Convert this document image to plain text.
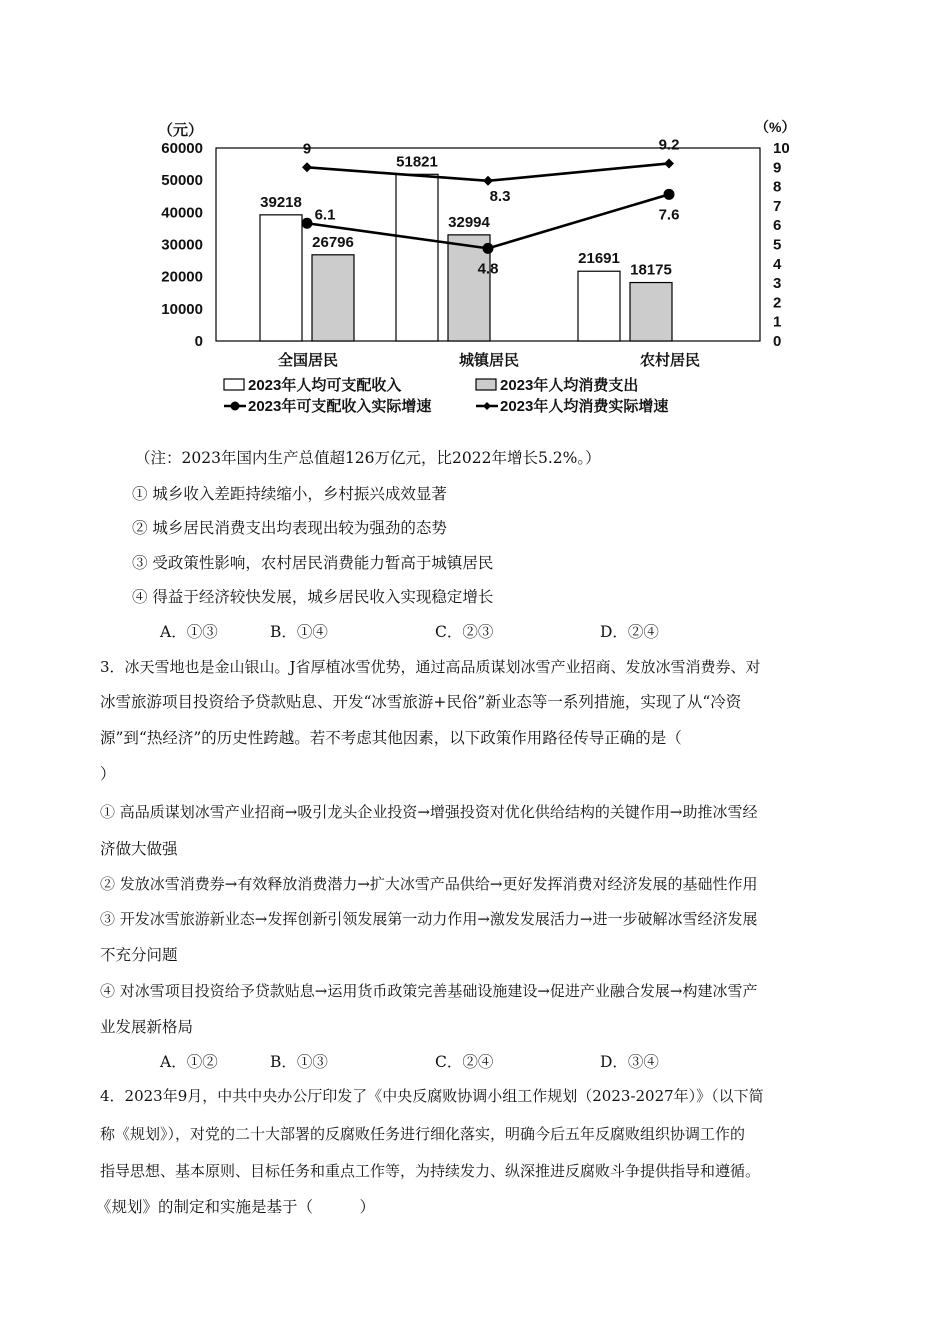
（元）	（%）
0
10000
20000
30000
40000
50000
60000
0
1
2
3
4
5
6
7
8
9
10
39218
51821
21691
26796
32994
18175
6.1
4.8
7.6
9
8.3
9.2
全国居民	城镇居民	农村居民
2023年人均可支配收入	2023年人均消费支出
2023年可支配收入实际增速	2023年人均消费实际增速
（注：2023年国内生产总值超126万亿元，比2022年增长5.2%。）
① 城乡收入差距持续缩小，乡村振兴成效显著
② 城乡居民消费支出均表现出较为强劲的态势
③ 受政策性影响，农村居民消费能力暂高于城镇居民
④ 得益于经济较快发展，城乡居民收入实现稳定增长
A．①③	B．①④	C．②③	D．②④
3．冰天雪地也是金山银山。J省厚植冰雪优势，通过高品质谋划冰雪产业招商、发放冰雪消费券、对
冰雪旅游项目投资给予贷款贴息、开发“冰雪旅游+民俗”新业态等一系列措施，实现了从“冷资
源”到“热经济”的历史性跨越。若不考虑其他因素，以下政策作用路径传导正确的是（
）
① 高品质谋划冰雪产业招商→吸引龙头企业投资→增强投资对优化供给结构的关键作用→助推冰雪经
济做大做强
② 发放冰雪消费券→有效释放消费潜力→扩大冰雪产品供给→更好发挥消费对经济发展的基础性作用
③ 开发冰雪旅游新业态→发挥创新引领发展第一动力作用→激发发展活力→进一步破解冰雪经济发展
不充分问题
④ 对冰雪项目投资给予贷款贴息→运用货币政策完善基础设施建设→促进产业融合发展→构建冰雪产
业发展新格局
A．①②	B．①③	C．②④	D．③④
4．2023年9月，中共中央办公厅印发了《中央反腐败协调小组工作规划（2023-2027年）》（以下简
称《规划》），对党的二十大部署的反腐败任务进行细化落实，明确今后五年反腐败组织协调工作的
指导思想、基本原则、目标任务和重点工作等，为持续发力、纵深推进反腐败斗争提供指导和遵循。
《规划》的制定和实施是基于（　　　）
